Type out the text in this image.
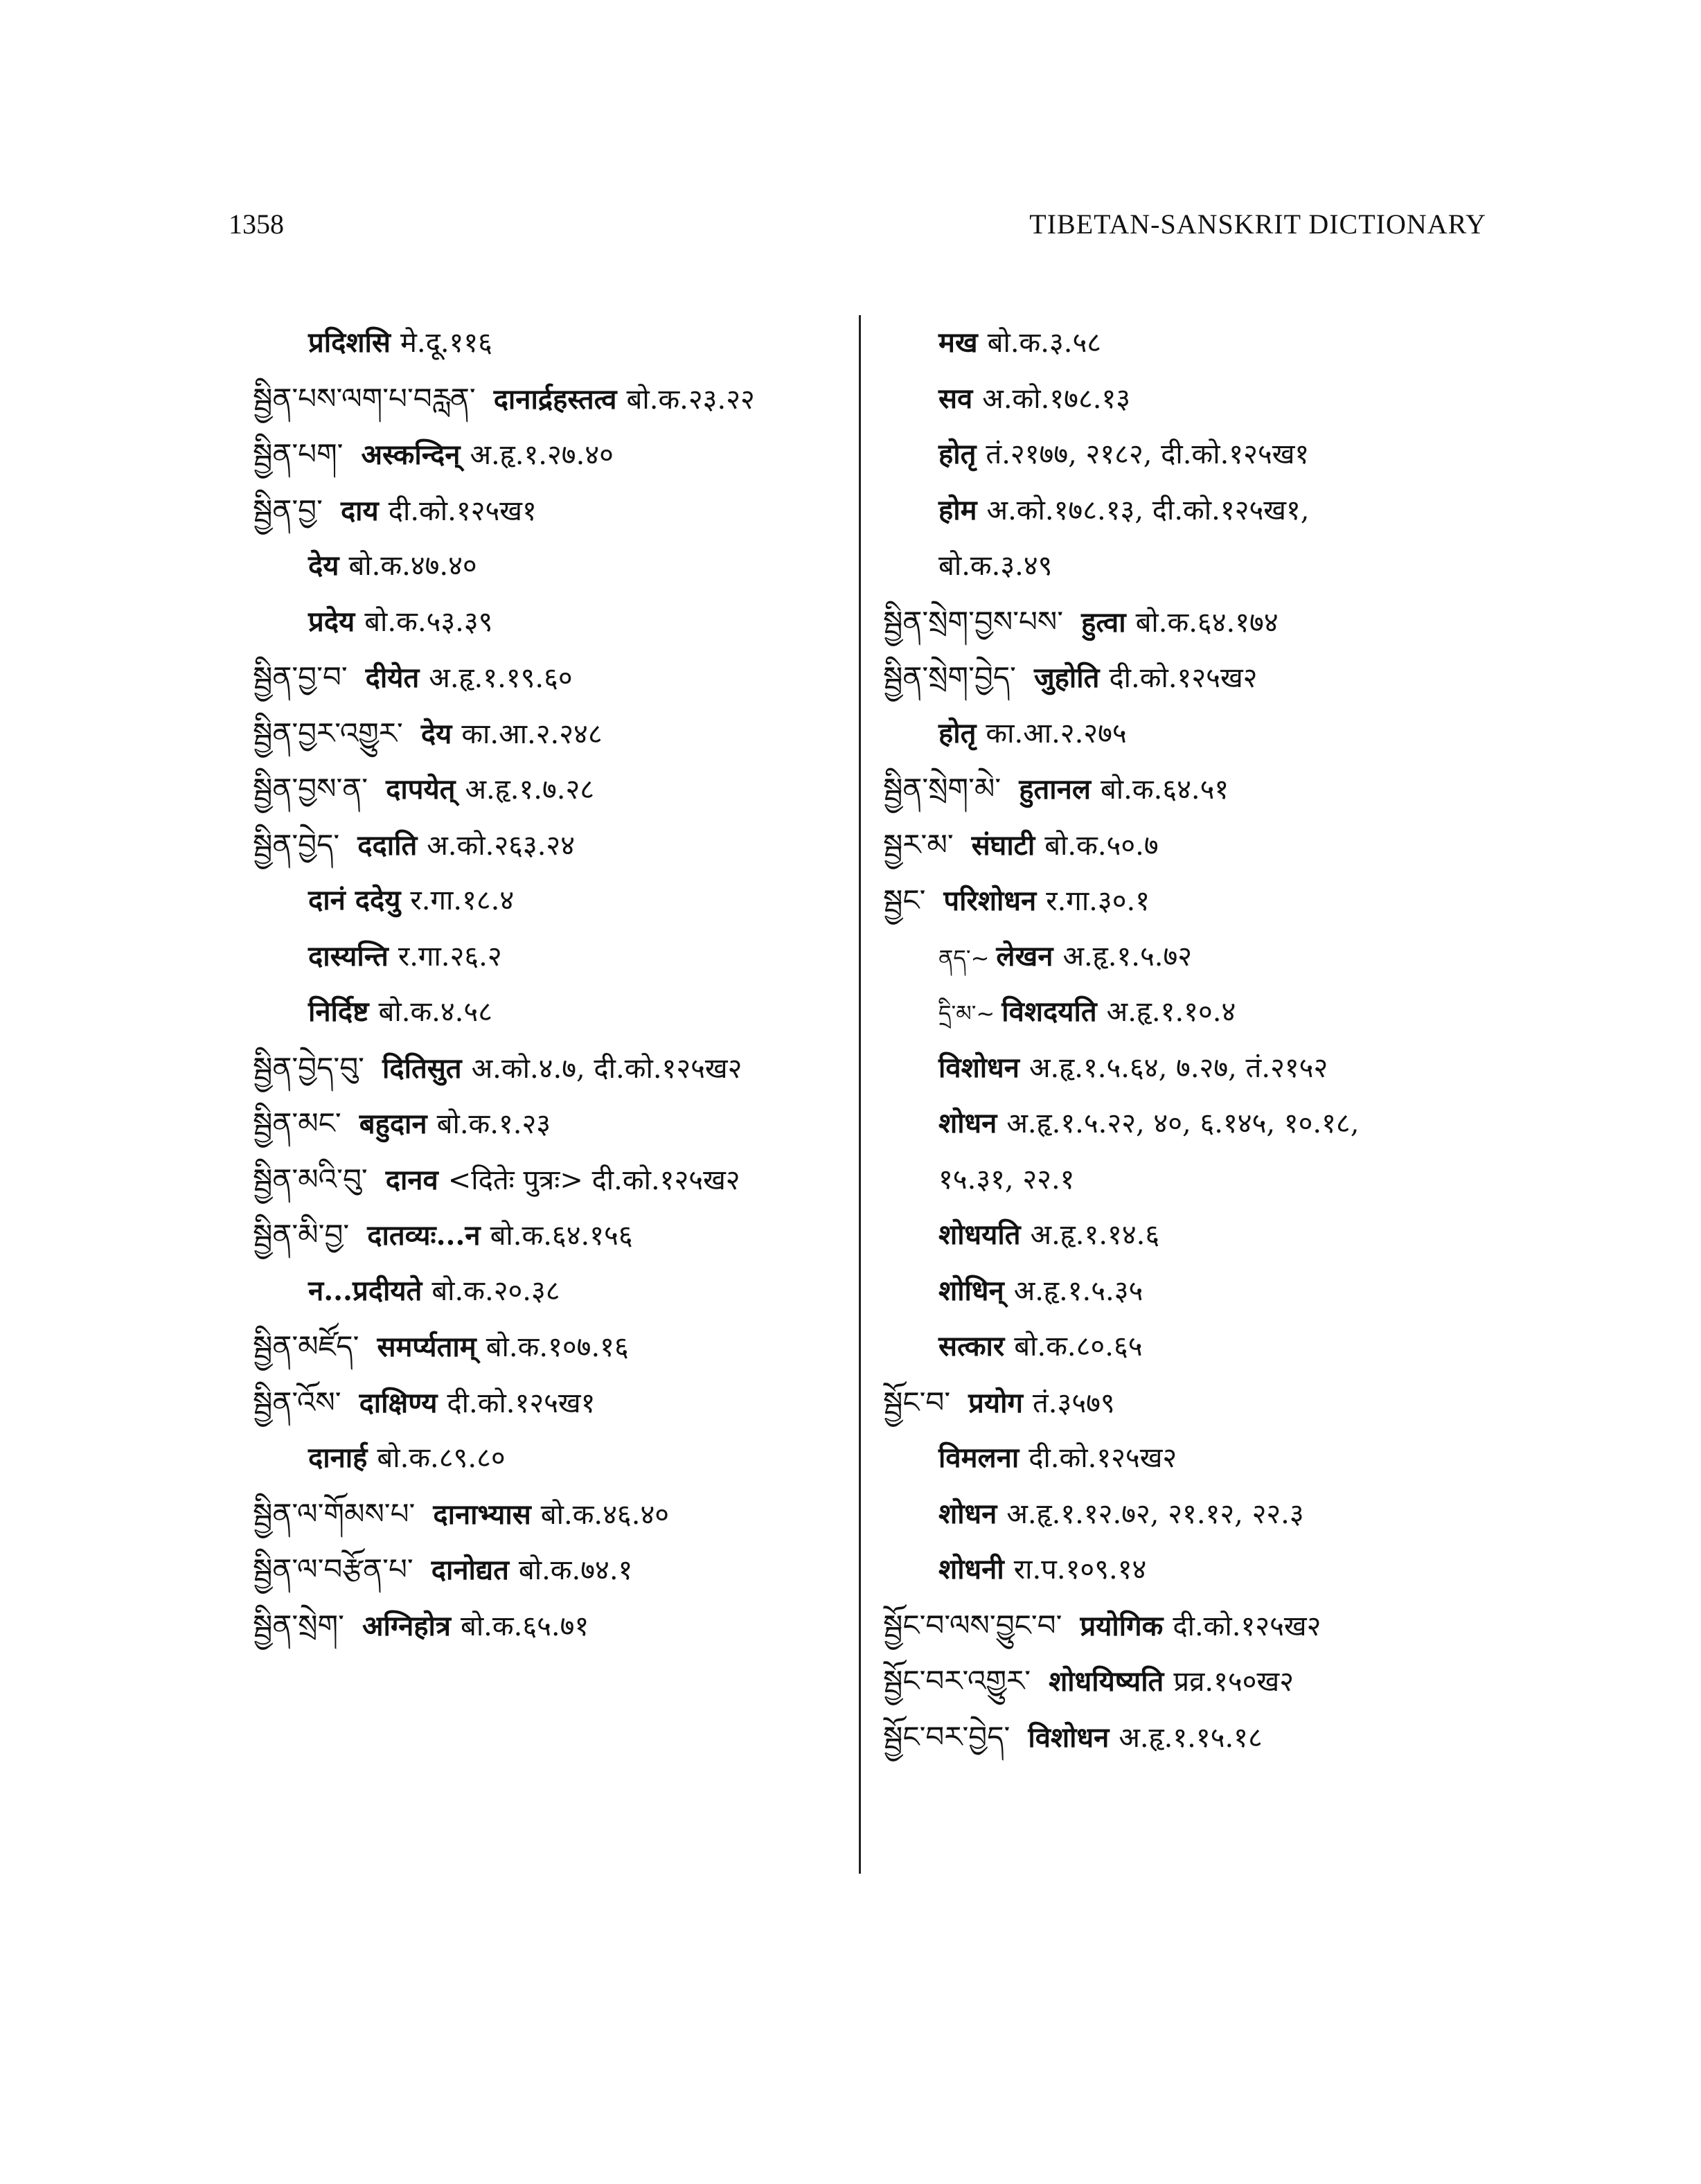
1358	TIBETAN-SANSKRIT DICTIONARY
प्रदिशसि मे.दू.११६
སྦྱིན་པས་ལག་པ་བརླན་ दानार्द्रहस्तत्व बो.क.२३.२२
སྦྱིན་པག་ अस्कन्दिन् अ.हृ.१.२७.४०
སྦྱིན་བྱ་ दाय दी.को.१२५ख१
देय बो.क.४७.४०
प्रदेय बो.क.५३.३९
སྦྱིན་བྱ་བ་ दीयेत अ.हृ.१.१९.६०
སྦྱིན་བྱར་འགྱུར་ देय का.आ.२.२४८
སྦྱིན་བྱས་ན་ दापयेत् अ.हृ.१.७.२८
སྦྱིན་བྱེད་ ददाति अ.को.२६३.२४
दानं ददेयु र.गा.१८.४
दास्यन्ति र.गा.२६.२
निर्दिष्ट बो.क.४.५८
སྦྱིན་བྱེད་བུ་ दितिसुत अ.को.४.७, दी.को.१२५ख२
སྦྱིན་མང་ बहुदान बो.क.१.२३
སྦྱིན་མའི་བུ་ दानव <दितेः पुत्रः> दी.को.१२५ख२
སྦྱིན་མི་བྱ་ दातव्यः...न बो.क.६४.१५६
न...प्रदीयते बो.क.२०.३८
སྦྱིན་མཛོད་ समर्प्यताम् बो.क.१०७.१६
སྦྱིན་འོས་ दाक्षिण्य दी.को.१२५ख१
दानार्ह बो.क.८९.८०
སྦྱིན་ལ་གོམས་པ་ दानाभ्यास बो.क.४६.४०
སྦྱིན་ལ་བརྩོན་པ་ दानोद्यत बो.क.७४.१
སྦྱིན་སྲེག་ अग्निहोत्र बो.क.६५.७१
मख बो.क.३.५८
सव अ.को.१७८.१३
होतृ तं.२१७७, २१८२, दी.को.१२५ख१
होम अ.को.१७८.१३, दी.को.१२५ख१,
बो.क.३.४९
སྦྱིན་སྲེག་བྱས་པས་ हुत्वा बो.क.६४.१७४
སྦྱིན་སྲེག་བྱེད་ जुहोति दी.को.१२५ख२
होतृ का.आ.२.२७५
སྦྱིན་སྲེག་མེ་ हुतानल बो.क.६४.५१
སྦྱར་མ་ संघाटी बो.क.५०.७
སྦྱང་ परिशोधन र.गा.३०.१
ནད་~ लेखन अ.हृ.१.५.७२
དྲི་མ་~ विशदयति अ.हृ.१.१०.४
विशोधन अ.हृ.१.५.६४, ७.२७, तं.२१५२
शोधन अ.हृ.१.५.२२, ४०, ६.१४५, १०.१८,
१५.३१, २२.१
शोधयति अ.हृ.१.१४.६
शोधिन् अ.हृ.१.५.३५
सत्कार बो.क.८०.६५
སྦྱོང་བ་ प्रयोग तं.३५७९
विमलना दी.को.१२५ख२
शोधन अ.हृ.१.१२.७२, २१.१२, २२.३
शोधनी रा.प.१०९.१४
སྦྱོང་བ་ལས་བྱུང་བ་ प्रयोगिक दी.को.१२५ख२
སྦྱོང་བར་འགྱུར་ शोधयिष्यति प्रव्र.१५०ख२
སྦྱོང་བར་བྱེད་ विशोधन अ.हृ.१.१५.१८
